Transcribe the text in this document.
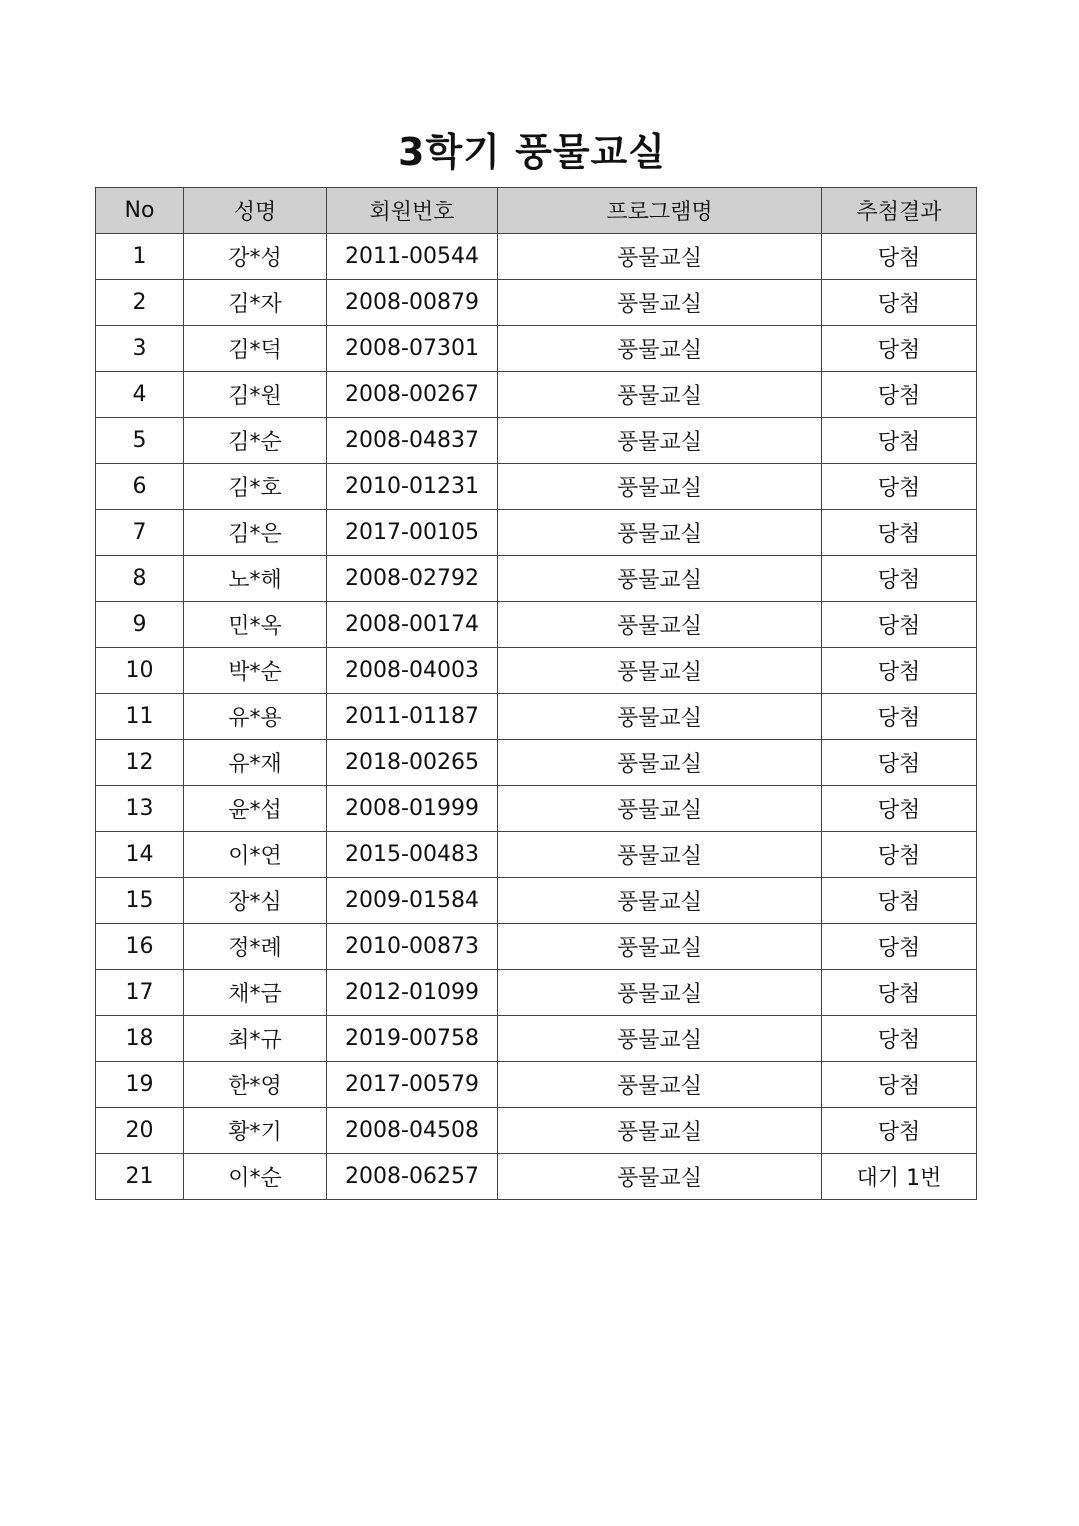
3학기 풍물교실
No	성명	회원번호	프로그램명	추첨결과
1	강*성	2011-00544	풍물교실	당첨
2	김*자	2008-00879	풍물교실	당첨
3	김*덕	2008-07301	풍물교실	당첨
4	김*원	2008-00267	풍물교실	당첨
5	김*순	2008-04837	풍물교실	당첨
6	김*호	2010-01231	풍물교실	당첨
7	김*은	2017-00105	풍물교실	당첨
8	노*해	2008-02792	풍물교실	당첨
9	민*옥	2008-00174	풍물교실	당첨
10	박*순	2008-04003	풍물교실	당첨
11	유*용	2011-01187	풍물교실	당첨
12	유*재	2018-00265	풍물교실	당첨
13	윤*섭	2008-01999	풍물교실	당첨
14	이*연	2015-00483	풍물교실	당첨
15	장*심	2009-01584	풍물교실	당첨
16	정*례	2010-00873	풍물교실	당첨
17	채*금	2012-01099	풍물교실	당첨
18	최*규	2019-00758	풍물교실	당첨
19	한*영	2017-00579	풍물교실	당첨
20	황*기	2008-04508	풍물교실	당첨
21	이*순	2008-06257	풍물교실	대기 1번
